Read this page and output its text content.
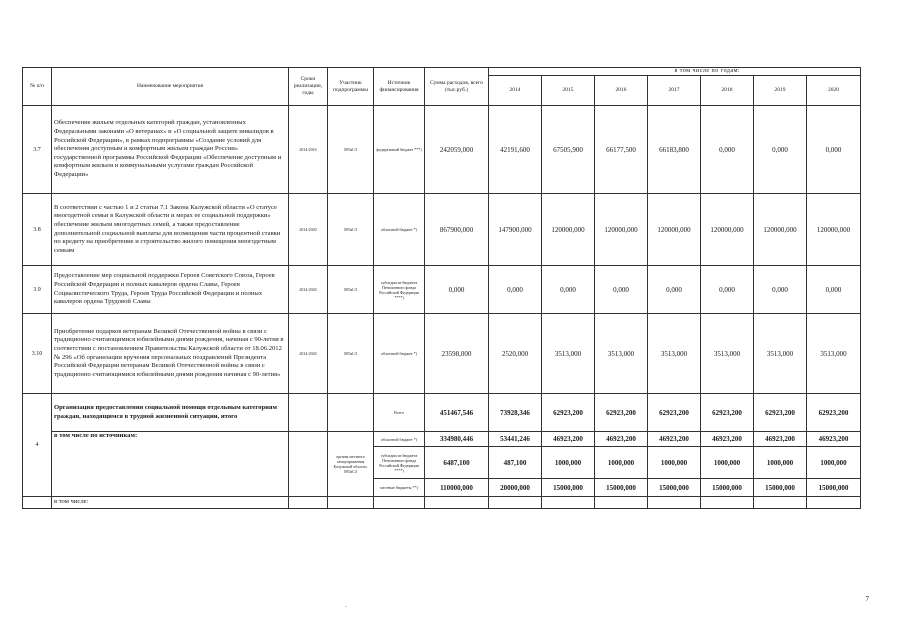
№ п/п	Наименование мероприятия	Сроки реализации, годы	Участник подпрограммы	Источник финансирования	Сумма расходов, всего (тыс.руб.)	в том числе по годам:						
						2014	2015	2016	2017	2018	2019	2020
3.7	Обеспечение жильем отдельных категорий граждан, установленных Федеральными законами «О ветеранах» и «О социальной защите инвалидов в Российской Федерации», в рамках подпрограммы «Создание условий для обеспечения доступным и комфортным жильем граждан России» государственной программы Российской Федерации «Обеспечение доступным и комфортным жильем и коммунальными услугами граждан Российской Федерации»	2014-2016	МТиСЗ	федеральный бюджет ***)	242059,000	42191,600	67505,900	66177,500	66183,800	0,000	0,000	0,000
3.8	В соответствии с частью 1 и 2 статьи 7.1 Закона Калужской области «О статусе многодетной семьи в Калужской области и мерах ее социальной поддержки» обеспечение жильем многодетных семей, а также предоставление дополнительной социальной выплаты для возмещения части процентной ставки по кредиту на приобретение и строительство жилого помещения многодетным семьям	2014-2020	МТиСЗ	областной бюджет *)	867900,000	147900,000	120000,000	120000,000	120000,000	120000,000	120000,000	120000,000
3.9	Предоставление мер социальной поддержки Героев Советского Союза, Героев Российской Федерации и полных кавалеров ордена Славы, Героев Социалистического Труда, Героев Труда Российской Федерации и полных кавалеров ордена Трудовой Славы	2014-2020	МТиСЗ	субсидии из бюджета Пенсионного фонда Российской Федерации ****)	0,000	0,000	0,000	0,000	0,000	0,000	0,000	0,000
3.10	Приобретение подарков ветеранам Великой Отечественной войны в связи с традиционно считающимися юбилейными днями рождения, начиная с 90-летия в соответствии с постановлением Правительства Калужской области от 18.06.2012 № 296 «Об организации вручения персональных поздравлений Президента Российской Федерации ветеранам Великой Отечественной войны в связи с традиционно считающимися юбилейными днями рождения начиная с 90-летия»	2014-2020	МТиСЗ	областной бюджет *)	23598,000	2520,000	3513,000	3513,000	3513,000	3513,000	3513,000	3513,000
4	Организация предоставления социальной помощи отдельным категориям граждан, находящимся в трудной жизненной ситуации, итого			Всего	451467,546	73928,346	62923,200	62923,200	62923,200	62923,200	62923,200	62923,200
	в том числе по источникам:		органы местного самоуправления Калужской области, МТиСЗ	областной бюджет *)	334980,446	53441,246	46923,200	46923,200	46923,200	46923,200	46923,200	46923,200
				субсидии из бюджета Пенсионного фонда Российской Федерации ****)	6487,100	487,100	1000,000	1000,000	1000,000	1000,000	1000,000	1000,000
				местные бюджеты **)	110000,000	20000,000	15000,000	15000,000	15000,000	15000,000	15000,000	15000,000
	в том числе:											
-
7
